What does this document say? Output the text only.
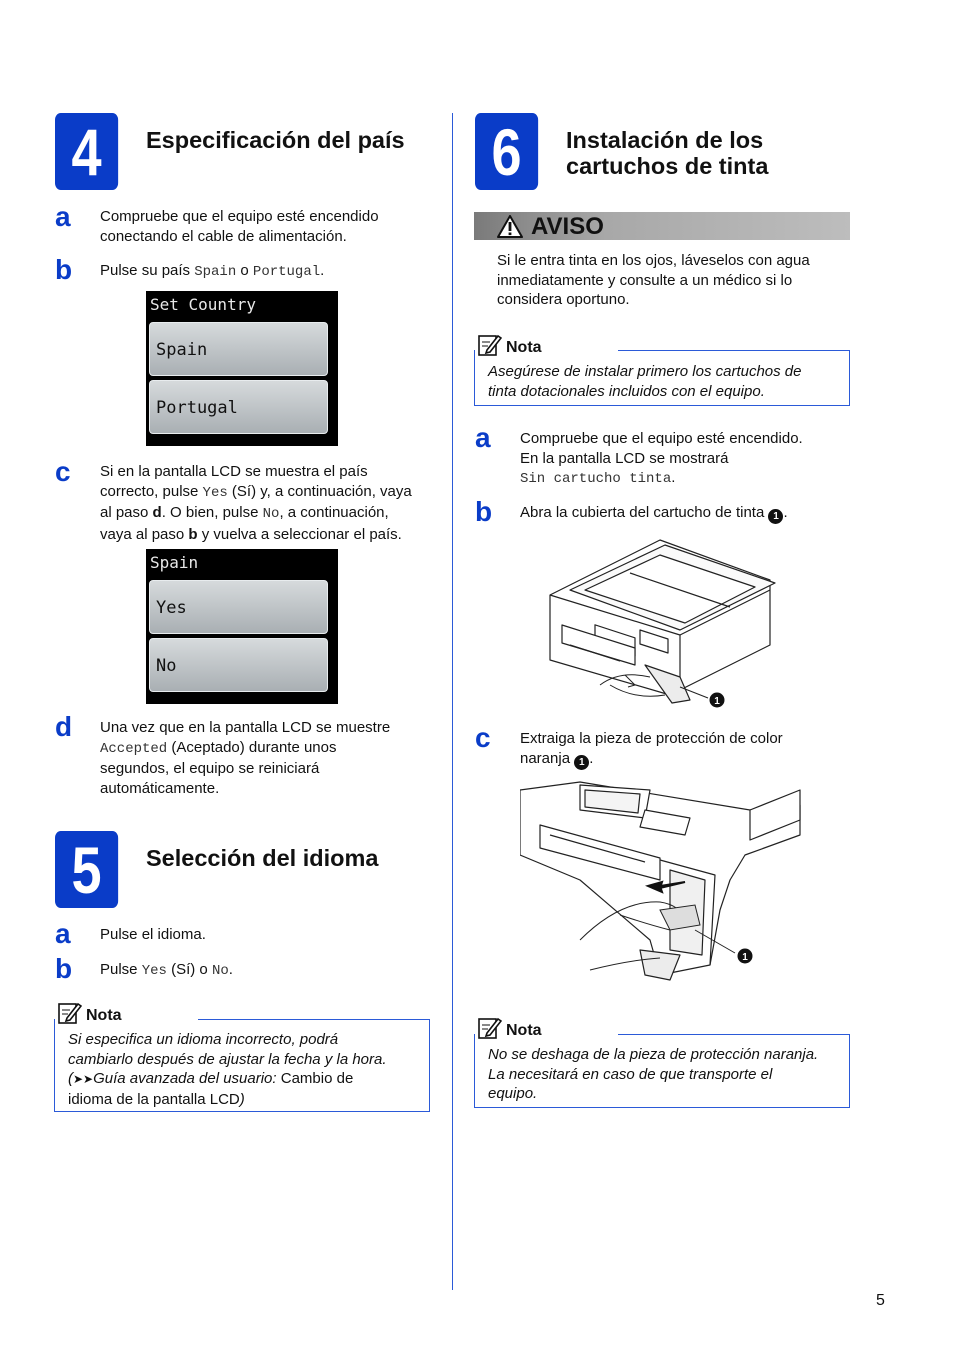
4	Especificación del país
a Compruebe que el equipo esté encendido
conectando el cable de alimentación.
b Pulse su país Spain o Portugal.
Set Country
Spain
Portugal
c Si en la pantalla LCD se muestra el país
correcto, pulse Yes (Sí) y, a continuación, vaya
al paso d. O bien, pulse No, a continuación,
vaya al paso b y vuelva a seleccionar el país.
Spain
Yes
No
d Una vez que en la pantalla LCD se muestre
Accepted (Aceptado) durante unos
segundos, el equipo se reiniciará
automáticamente.
5	Selección del idioma
a Pulse el idioma.
b Pulse Yes (Sí) o No.
Nota
Si especifica un idioma incorrecto, podrá
cambiarlo después de ajustar la fecha y la hora.
(➤➤Guía avanzada del usuario: Cambio de
idioma de la pantalla LCD)
6	Instalación de los
cartuchos de tinta
AVISO
Si le entra tinta en los ojos, láveselos con agua
inmediatamente y consulte a un médico si lo
considera oportuno.
Nota
Asegúrese de instalar primero los cartuchos de
tinta dotacionales incluidos con el equipo.
a Compruebe que el equipo esté encendido.
En la pantalla LCD se mostrará
Sin cartucho tinta.
b Abra la cubierta del cartucho de tinta 1 .
1
c Extraiga la pieza de protección de color
naranja 1 .
1
Nota
No se deshaga de la pieza de protección naranja.
La necesitará en caso de que transporte el
equipo.
5
